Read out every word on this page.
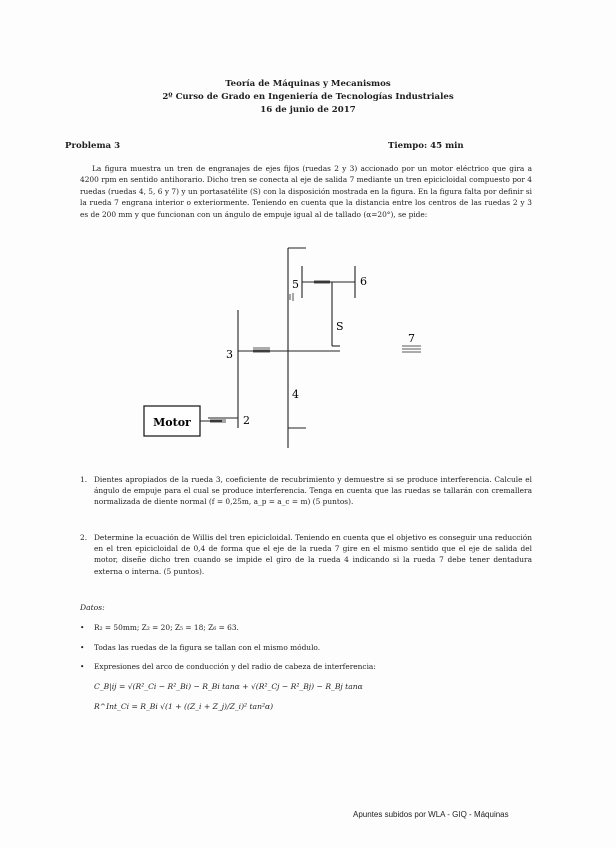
Teoría de Máquinas y Mecanismos
2º Curso de Grado en Ingeniería de Tecnologías Industriales
16 de junio de 2017
Problema 3	Tiempo: 45 min
La figura muestra un tren de engranajes de ejes fijos (ruedas 2 y 3) accionado por un motor eléctrico que gira a 4200 rpm en sentido antihorario. Dicho tren se conecta al eje de salida 7 mediante un tren epicicloidal compuesto por 4 ruedas (ruedas 4, 5, 6 y 7) y un portasatélite (S) con la disposición mostrada en la figura. En la figura falta por definir si la rueda 7 engrana interior o exteriormente. Teniendo en cuenta que la distancia entre los centros de las ruedas 2 y 3 es de 200 mm y que funcionan con un ángulo de empuje igual al de tallado (α=20°), se pide:
Motor
3
2
4
5	6
7
S
1. Dientes apropiados de la rueda 3, coeficiente de recubrimiento y demuestre si se produce interferencia. Calcule el ángulo de empuje para el cual se produce interferencia. Tenga en cuenta que las ruedas se tallarán con cremallera normalizada de diente normal (f = 0,25m, a_p = a_c = m) (5 puntos).
2. Determine la ecuación de Willis del tren epicicloidal. Teniendo en cuenta que el objetivo es conseguir una reducción en el tren epicicloidal de 0,4 de forma que el eje de la rueda 7 gire en el mismo sentido que el eje de salida del motor, diseñe dicho tren cuando se impide el giro de la rueda 4 indicando si la rueda 7 debe tener dentadura externa o interna. (5 puntos).
Datos:
• R₂ = 50mm; Z₂ = 20; Z₅ = 18; Z₆ = 63.
• Todas las ruedas de la figura se tallan con el mismo módulo.
• Expresiones del arco de conducción y del radio de cabeza de interferencia:
C_B|ij = √(R²_Ci − R²_Bi) − R_Bi tanα + √(R²_Cj − R²_Bj) − R_Bj tanα
R^Int_Ci = R_Bi √(1 + ((Z_i + Z_j)/Z_i)² tan²α)
Apuntes subidos por WLA - GIQ - Máquinas
